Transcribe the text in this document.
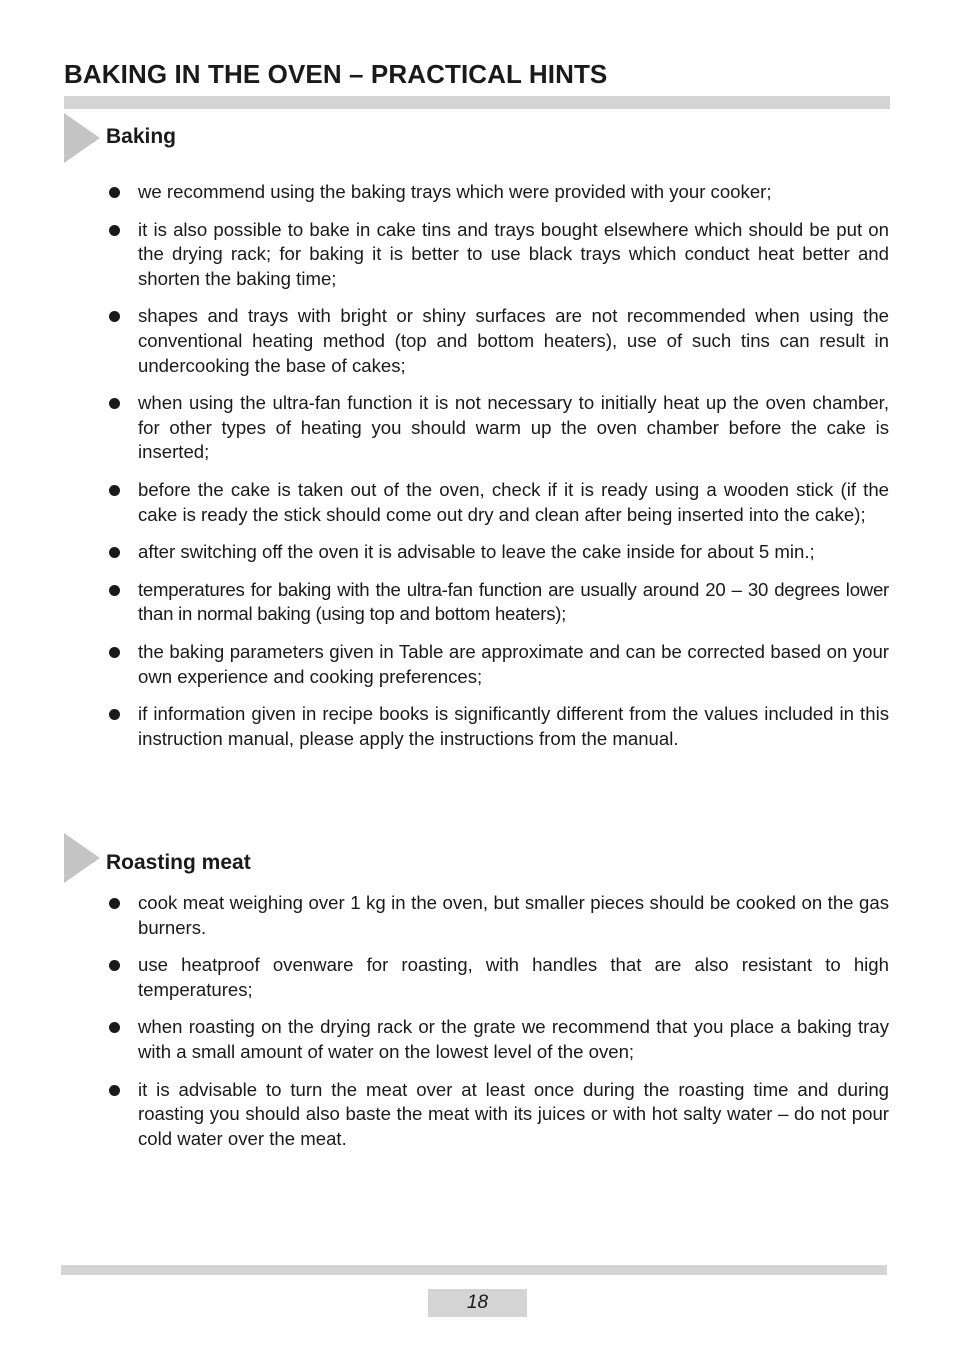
BAKING IN THE OVEN – PRACTICAL HINTS
Baking
we recommend using the baking trays which were provided with your cooker;
it is also possible to bake in cake tins and trays bought elsewhere which should be put on the drying rack; for baking it is better to use black trays which conduct heat better and shorten the baking time;
shapes and trays with bright or shiny surfaces are not recommended when using the conventional heating method (top and bottom heaters), use of such tins can result in undercooking the base of cakes;
when using the ultra-fan function it is not necessary to initially heat up the oven chamber, for other types of heating you should warm up the oven chamber before the cake is inserted;
before the cake is taken out of the oven, check if it is ready using a wooden stick (if the cake is ready the stick should come out dry and clean after being inserted into the cake);
after switching off the oven it is advisable to leave the cake inside for about 5 min.;
temperatures for baking with the ultra-fan function are usually around 20 – 30 degrees lower than in normal baking (using top and bottom heaters);
the baking parameters given in Table are approximate and can be corrected based on your own experience and cooking preferences;
if information given in recipe books is significantly different from the values included in this instruction manual, please apply the instructions from the manual.
Roasting meat
cook meat weighing over 1 kg in the oven, but smaller pieces should be cooked on the gas burners.
use heatproof ovenware for roasting, with handles that are also resistant to high temperatures;
when roasting on the drying rack or the grate we recommend that you place a baking tray with a small amount of water on the lowest level of the oven;
it is advisable to turn the meat over at least once during the roasting time and during roasting you should also baste the meat with its juices or with hot salty water – do not pour cold water over the meat.
18
